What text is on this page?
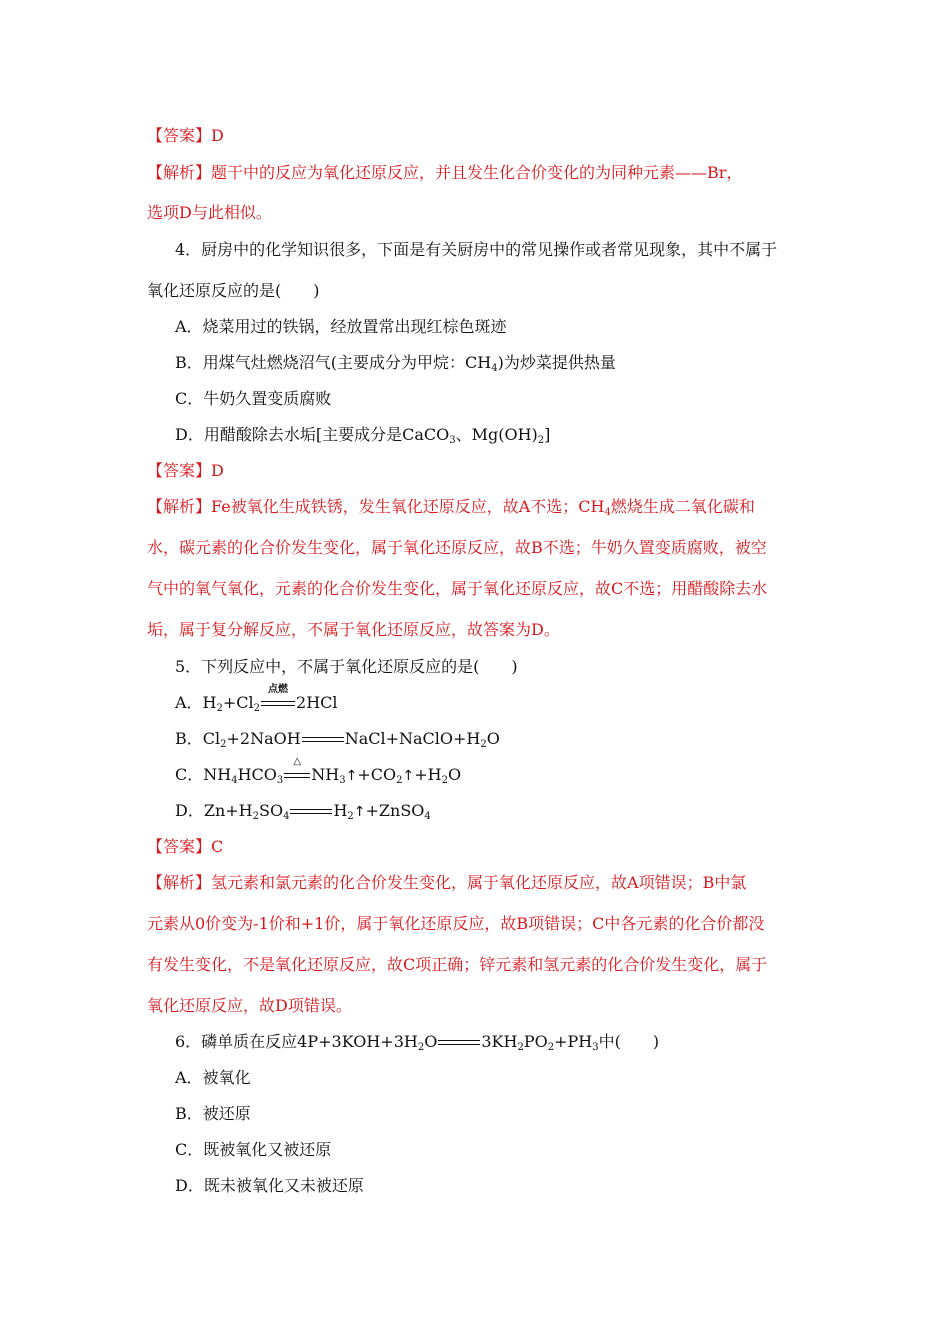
【答案】D
【解析】题干中的反应为氧化还原反应，并且发生化合价变化的为同种元素——Br，
选项D与此相似。
4．厨房中的化学知识很多，下面是有关厨房中的常见操作或者常见现象，其中不属于
氧化还原反应的是(　　)
A．烧菜用过的铁锅，经放置常出现红棕色斑迹
B．用煤气灶燃烧沼气(主要成分为甲烷：$CH_4$)为炒菜提供热量
C．牛奶久置变质腐败
D．用醋酸除去水垢[主要成分是CaCO$_3$、$Mg(OH)_2$]
【答案】D
【解析】Fe被氧化生成铁锈，发生氧化还原反应，故A不选；$CH_4$燃烧生成二氧化碳和
水，碳元素的化合价发生变化，属于氧化还原反应，故B不选；牛奶久置变质腐败，被空
气中的氧气氧化，元素的化合价发生变化，属于氧化还原反应，故C不选；用醋酸除去水
垢，属于复分解反应，不属于氧化还原反应，故答案为D。
5．下列反应中，不属于氧化还原反应的是(　　)
A．$H_2+Cl_2$
点燃
2HCl
B．$Cl_2+2NaOH$	$NaCl+NaClO+H_2O$
C．$NH_4HCO_3$
△
$NH_3↑+CO_2↑+H_2O$
D．$Zn+H_2SO_4$	$H_2↑+ZnSO_4$
【答案】C
【解析】氢元素和氯元素的化合价发生变化，属于氧化还原反应，故A项错误；B中氯
元素从0价变为-1价和+1价，属于氧化还原反应，故B项错误；C中各元素的化合价都没
有发生变化，不是氧化还原反应，故C项正确；锌元素和氢元素的化合价发生变化，属于
氧化还原反应，故D项错误。
6．磷单质在反应$4P+3KOH+3H_2O$	$3KH_2PO_2+PH_3$中(　　)
A．被氧化
B．被还原
C．既被氧化又被还原
D．既未被氧化又未被还原
